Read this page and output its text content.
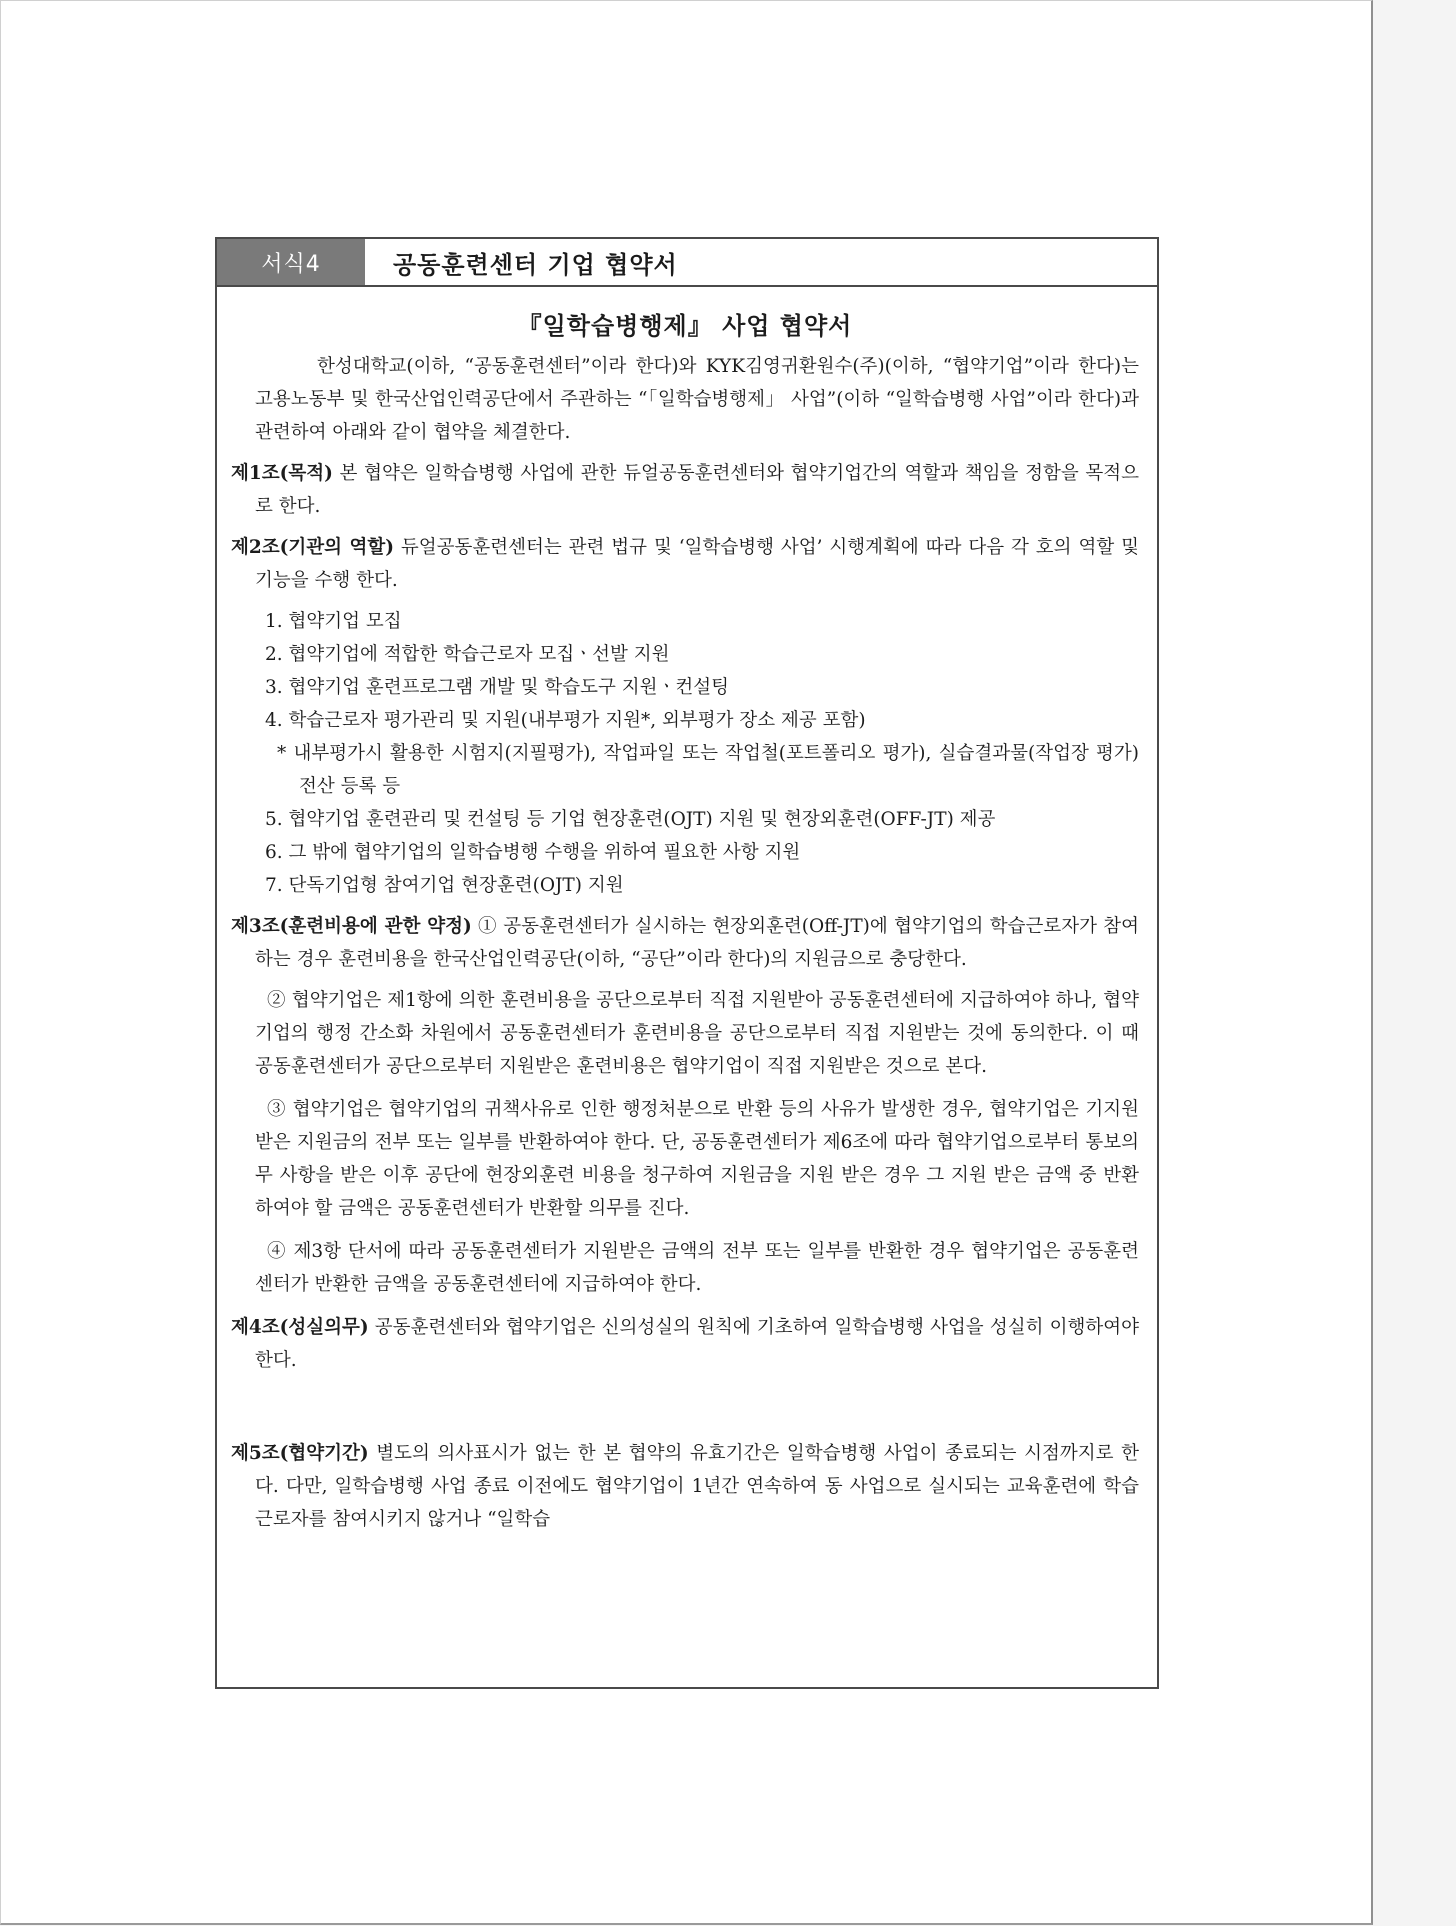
서식4	공동훈련센터 기업 협약서
『일학습병행제』 사업 협약서

한성대학교(이하, “공동훈련센터”이라 한다)와 KYK김영귀환원수(주)(이하, “협약기업”이라 한다)는 고용노동부 및 한국산업인력공단에서 주관하는 “「일학습병행제」 사업”(이하 “일학습병행 사업”이라 한다)과 관련하여 아래와 같이 협약을 체결한다.

제1조(목적) 본 협약은 일학습병행 사업에 관한 듀얼공동훈련센터와 협약기업간의 역할과 책임을 정함을 목적으로 한다.

제2조(기관의 역할) 듀얼공동훈련센터는 관련 법규 및 ‘일학습병행 사업’ 시행계획에 따라 다음 각 호의 역할 및 기능을 수행 한다.

1. 협약기업 모집
2. 협약기업에 적합한 학습근로자 모집ㆍ선발 지원
3. 협약기업 훈련프로그램 개발 및 학습도구 지원ㆍ컨설팅
4. 학습근로자 평가관리 및 지원(내부평가 지원*, 외부평가 장소 제공 포함)
* 내부평가시 활용한 시험지(지필평가), 작업파일 또는 작업철(포트폴리오 평가), 실습결과물(작업장 평가) 전산 등록 등
5. 협약기업 훈련관리 및 컨설팅 등 기업 현장훈련(OJT) 지원 및 현장외훈련(OFF-JT) 제공
6. 그 밖에 협약기업의 일학습병행 수행을 위하여 필요한 사항 지원
7. 단독기업형 참여기업 현장훈련(OJT) 지원

제3조(훈련비용에 관한 약정) ① 공동훈련센터가 실시하는 현장외훈련(Off-JT)에 협약기업의 학습근로자가 참여하는 경우 훈련비용을 한국산업인력공단(이하, “공단”이라 한다)의 지원금으로 충당한다.

② 협약기업은 제1항에 의한 훈련비용을 공단으로부터 직접 지원받아 공동훈련센터에 지급하여야 하나, 협약기업의 행정 간소화 차원에서 공동훈련센터가 훈련비용을 공단으로부터 직접 지원받는 것에 동의한다. 이 때 공동훈련센터가 공단으로부터 지원받은 훈련비용은 협약기업이 직접 지원받은 것으로 본다.

③ 협약기업은 협약기업의 귀책사유로 인한 행정처분으로 반환 등의 사유가 발생한 경우, 협약기업은 기지원 받은 지원금의 전부 또는 일부를 반환하여야 한다. 단, 공동훈련센터가 제6조에 따라 협약기업으로부터 통보의무 사항을 받은 이후 공단에 현장외훈련 비용을 청구하여 지원금을 지원 받은 경우 그 지원 받은 금액 중 반환하여야 할 금액은 공동훈련센터가 반환할 의무를 진다.

④ 제3항 단서에 따라 공동훈련센터가 지원받은 금액의 전부 또는 일부를 반환한 경우 협약기업은 공동훈련센터가 반환한 금액을 공동훈련센터에 지급하여야 한다.

제4조(성실의무) 공동훈련센터와 협약기업은 신의성실의 원칙에 기초하여 일학습병행 사업을 성실히 이행하여야 한다.

제5조(협약기간) 별도의 의사표시가 없는 한 본 협약의 유효기간은 일학습병행 사업이 종료되는 시점까지로 한다. 다만, 일학습병행 사업 종료 이전에도 협약기업이 1년간 연속하여 동 사업으로 실시되는 교육훈련에 학습근로자를 참여시키지 않거나 “일학습
